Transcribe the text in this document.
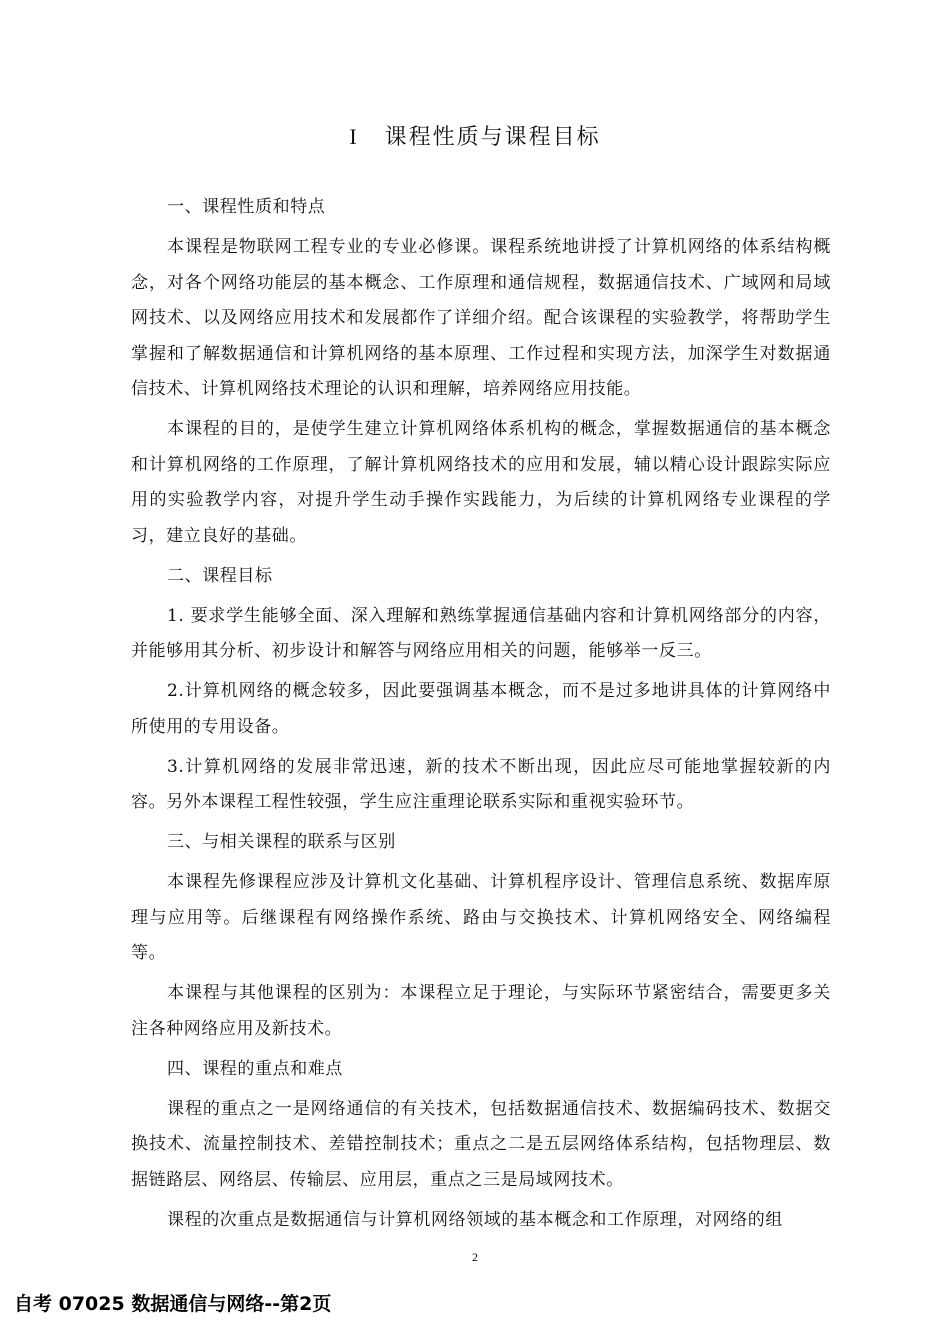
I 课程性质与课程目标

一、课程性质和特点

本课程是物联网工程专业的专业必修课。课程系统地讲授了计算机网络的体系结构概念，对各个网络功能层的基本概念、工作原理和通信规程，数据通信技术、广域网和局域网技术、以及网络应用技术和发展都作了详细介绍。配合该课程的实验教学，将帮助学生掌握和了解数据通信和计算机网络的基本原理、工作过程和实现方法，加深学生对数据通信技术、计算机网络技术理论的认识和理解，培养网络应用技能。

本课程的目的，是使学生建立计算机网络体系机构的概念，掌握数据通信的基本概念和计算机网络的工作原理，了解计算机网络技术的应用和发展，辅以精心设计跟踪实际应用的实验教学内容，对提升学生动手操作实践能力，为后续的计算机网络专业课程的学习，建立良好的基础。

二、课程目标

1. 要求学生能够全面、深入理解和熟练掌握通信基础内容和计算机网络部分的内容，并能够用其分析、初步设计和解答与网络应用相关的问题，能够举一反三。

2.计算机网络的概念较多，因此要强调基本概念，而不是过多地讲具体的计算网络中所使用的专用设备。

3.计算机网络的发展非常迅速，新的技术不断出现，因此应尽可能地掌握较新的内容。另外本课程工程性较强，学生应注重理论联系实际和重视实验环节。

三、与相关课程的联系与区别

本课程先修课程应涉及计算机文化基础、计算机程序设计、管理信息系统、数据库原理与应用等。后继课程有网络操作系统、路由与交换技术、计算机网络安全、网络编程等。

本课程与其他课程的区别为：本课程立足于理论，与实际环节紧密结合，需要更多关注各种网络应用及新技术。

四、课程的重点和难点

课程的重点之一是网络通信的有关技术，包括数据通信技术、数据编码技术、数据交换技术、流量控制技术、差错控制技术；重点之二是五层网络体系结构，包括物理层、数据链路层、网络层、传输层、应用层，重点之三是局域网技术。

课程的次重点是数据通信与计算机网络领域的基本概念和工作原理，对网络的组

2
自考 07025 数据通信与网络--第2页
